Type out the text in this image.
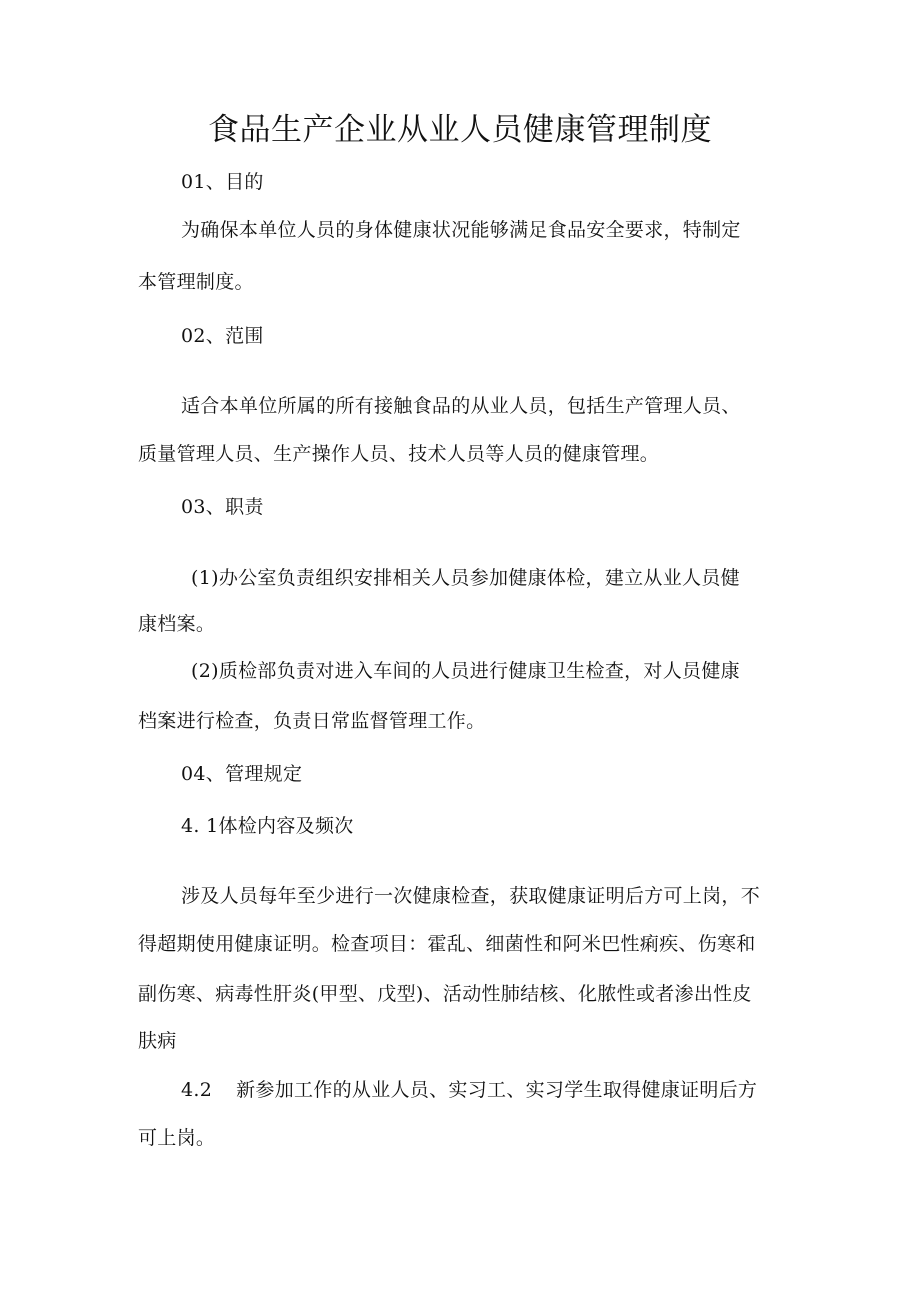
食品生产企业从业人员健康管理制度
01、目的
为确保本单位人员的身体健康状况能够满足食品安全要求，特制定
本管理制度。
02、范围
适合本单位所属的所有接触食品的从业人员，包括生产管理人员、
质量管理人员、生产操作人员、技术人员等人员的健康管理。
03、职责
(1)办公室负责组织安排相关人员参加健康体检，建立从业人员健
康档案。
(2)质检部负责对进入车间的人员进行健康卫生检查，对人员健康
档案进行检查，负责日常监督管理工作。
04、管理规定
4. 1体检内容及频次
涉及人员每年至少进行一次健康检查，获取健康证明后方可上岗，不
得超期使用健康证明。检查项目：霍乱、细菌性和阿米巴性痢疾、伤寒和
副伤寒、病毒性肝炎(甲型、戊型)、活动性肺结核、化脓性或者渗出性皮
肤病
4.2 新参加工作的从业人员、实习工、实习学生取得健康证明后方
可上岗。
